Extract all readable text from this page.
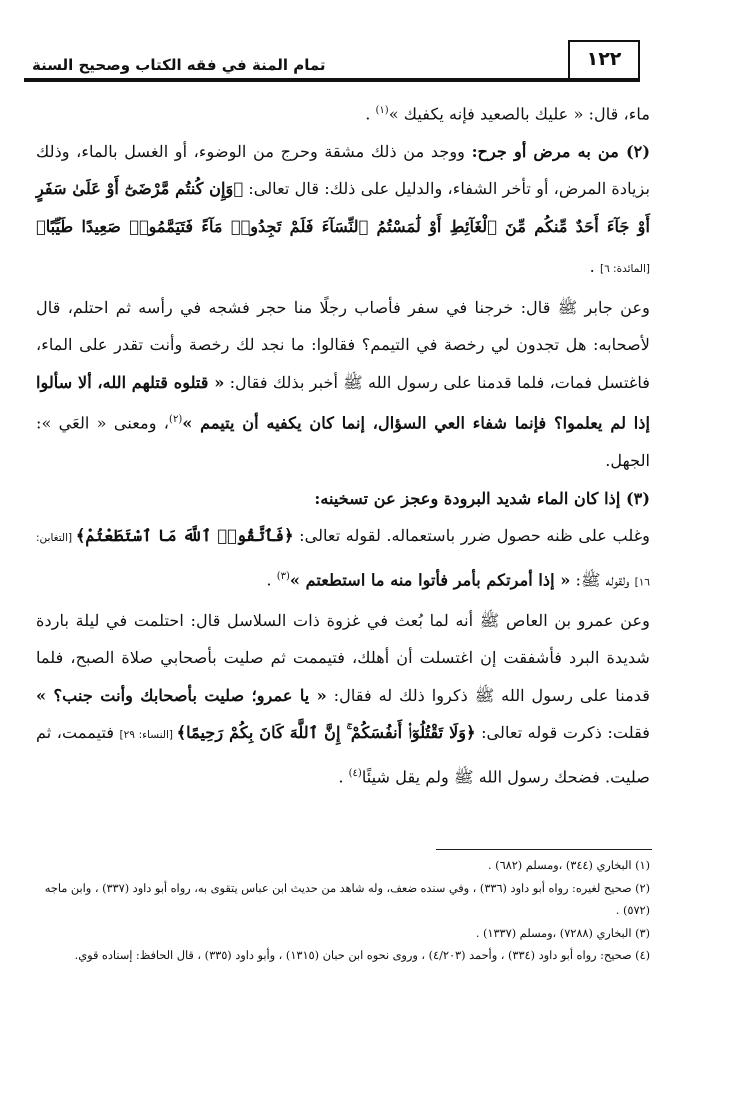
تمام المنة في فقه الكتاب وصحيح السنة	١٢٢

ماء، قال: « عليك بالصعيد فإنه يكفيك »$^{(١)}$ .

(٢) من به مرض أو جرح: ووجد من ذلك مشقة وحرج من الوضوء، أو الغسل بالماء، وذلك بزيادة المرض، أو تأخر الشفاء، والدليل على ذلك: قال تعالى: ﴿وَإِن كُنتُم مَّرْضَىٰٓ أَوْ عَلَىٰ سَفَرٍ أَوْ جَآءَ أَحَدٌ مِّنكُم مِّنَ ٱلْغَآئِطِ أَوْ لَٰمَسْتُمُ ٱلنِّسَآءَ فَلَمْ تَجِدُوا۟ مَآءً فَتَيَمَّمُوا۟ صَعِيدًا طَيِّبًا﴾ [المائدة: ٦] .

وعن جابر ﷺ قال: خرجنا في سفر فأصاب رجلًا منا حجر فشجه في رأسه ثم احتلم، قال لأصحابه: هل تجدون لي رخصة في التيمم؟ فقالوا: ما نجد لك رخصة وأنت تقدر على الماء، فاغتسل فمات، فلما قدمنا على رسول الله ﷺ أخبر بذلك فقال: « قتلوه قتلهم الله، ألا سألوا إذا لم يعلموا؟ فإنما شفاء العي السؤال، إنما كان يكفيه أن يتيمم »$^{(٢)}$، ومعنى « العَي »: الجهل.

(٣) إذا كان الماء شديد البرودة وعجز عن تسخينه:

وغلب على ظنه حصول ضرر باستعماله. لقوله تعالى: ﴿فَٱتَّقُوا۟ ٱللَّهَ مَا ٱسْتَطَعْتُمْ﴾ [التغابن: ١٦] ولقوله ﷺ: « إذا أمرتكم بأمر فأتوا منه ما استطعتم »$^{(٣)}$ .

وعن عمرو بن العاص ﷺ أنه لما بُعث في غزوة ذات السلاسل قال: احتلمت في ليلة باردة شديدة البرد فأشفقت إن اغتسلت أن أهلك، فتيممت ثم صليت بأصحابي صلاة الصبح، فلما قدمنا على رسول الله ﷺ ذكروا ذلك له فقال: « يا عمرو؛ صليت بأصحابك وأنت جنب؟ » فقلت: ذكرت قوله تعالى: ﴿وَلَا تَقْتُلُوٓا۟ أَنفُسَكُمْ ۚ إِنَّ ٱللَّهَ كَانَ بِكُمْ رَحِيمًا﴾ [النساء: ٢٩] فتيممت، ثم صليت. فضحك رسول الله ﷺ ولم يقل شيئًا$^{(٤)}$ .

(١) البخاري (٣٤٤) ،ومسلم (٦٨٢) .

(٢) صحيح لغيره: رواه أبو داود (٣٣٦) ، وفي سنده ضعف، وله شاهد من حديث ابن عباس يتقوى به، رواه أبو داود (٣٣٧) ، وابن ماجه (٥٧٢) .

(٣) البخاري (٧٢٨٨) ،ومسلم (١٣٣٧) .

(٤) صحيح: رواه أبو داود (٣٣٤) ، وأحمد (٤/٢٠٣) ، وروى نحوه ابن حبان (١٣١٥) ، وأبو داود (٣٣٥) ، قال الحافظ: إسناده قوي.
